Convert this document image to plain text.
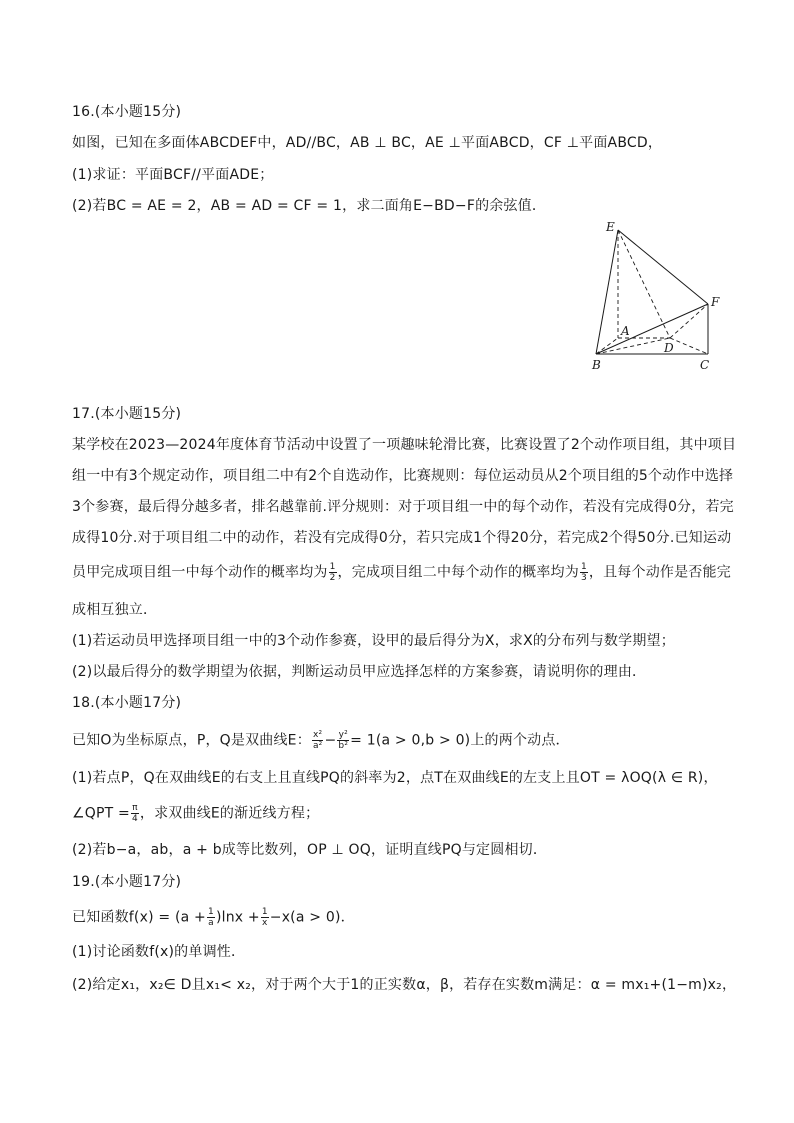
16.(本小题15分)
如图，已知在多面体ABCDEF中，AD//BC，AB ⊥ BC，AE ⊥平面ABCD，CF ⊥平面ABCD，
(1)求证：平面BCF//平面ADE；
(2)若BC = AE = 2，AB = AD = CF = 1，求二面角E−BD−F的余弦值．
E
F
A
D
B	C
17.(本小题15分)
某学校在2023—2024年度体育节活动中设置了一项趣味轮滑比赛，比赛设置了2个动作项目组，其中项目
组一中有3个规定动作，项目组二中有2个自选动作，比赛规则：每位运动员从2个项目组的5个动作中选择
3个参赛，最后得分越多者，排名越靠前.评分规则：对于项目组一中的每个动作，若没有完成得0分，若完
成得10分.对于项目组二中的动作，若没有完成得0分，若只完成1个得20分，若完成2个得50分.已知运动
员甲完成项目组一中每个动作的概率均为 $\frac{1}{2}$ ，完成项目组二中每个动作的概率均为 $\frac{1}{3}$ ，且每个动作是否能完
成相互独立．
(1)若运动员甲选择项目组一中的3个动作参赛，设甲的最后得分为X，求X的分布列与数学期望；
(2)以最后得分的数学期望为依据，判断运动员甲应选择怎样的方案参赛，请说明你的理由．
18.(本小题17分)
已知O为坐标原点，P，Q是双曲线E： $\frac{\text{x²}}{\text{a²}} - \frac{\text{y²}}{\text{b²}} = 1(a > 0,b > 0)$上的两个动点．
(1)若点P，Q在双曲线E的右支上且直线PQ的斜率为2，点T在双曲线E的左支上且OT = λOQ(λ ∈ R)，
∠QPT = $\frac{\pi}{4}$ ，求双曲线E的渐近线方程；
(2)若b−a，ab，a + b成等比数列，OP ⊥ OQ，证明直线PQ与定圆相切．
19.(本小题17分)
已知函数$f(x) = (a + \frac{1}{a} )\ln x + \frac{1}{x} -x(a > 0)$．
(1)讨论函数f(x)的单调性．
(2)给定x₁，x₂∈ D且x₁< x₂，对于两个大于1的正实数α，β，若存在实数m满足：α = mx₁+(1−m)x₂，
